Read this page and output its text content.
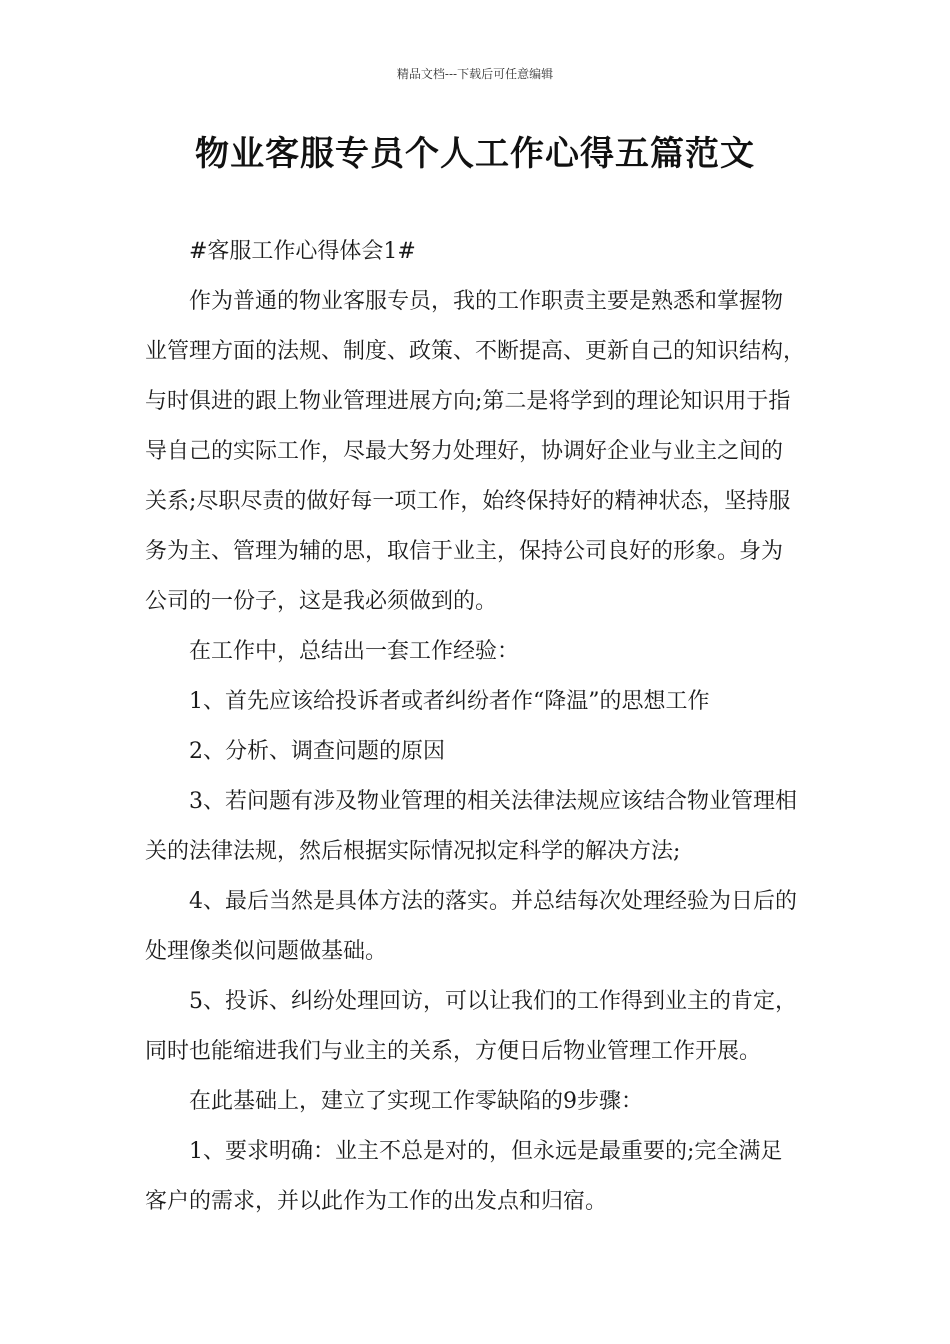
精品文档---下载后可任意编辑
物业客服专员个人工作心得五篇范文

#客服工作心得体会1#

作为普通的物业客服专员，我的工作职责主要是熟悉和掌握物
业管理方面的法规、制度、政策、不断提高、更新自己的知识结构，
与时俱进的跟上物业管理进展方向;第二是将学到的理论知识用于指
导自己的实际工作，尽最大努力处理好，协调好企业与业主之间的
关系;尽职尽责的做好每一项工作，始终保持好的精神状态，坚持服
务为主、管理为辅的思，取信于业主，保持公司良好的形象。身为
公司的一份子，这是我必须做到的。

在工作中，总结出一套工作经验：

1、首先应该给投诉者或者纠纷者作“降温”的思想工作

2、分析、调查问题的原因

3、若问题有涉及物业管理的相关法律法规应该结合物业管理相
关的法律法规，然后根据实际情况拟定科学的解决方法;

4、最后当然是具体方法的落实。并总结每次处理经验为日后的
处理像类似问题做基础。

5、投诉、纠纷处理回访，可以让我们的工作得到业主的肯定，
同时也能缩进我们与业主的关系，方便日后物业管理工作开展。

在此基础上，建立了实现工作零缺陷的9步骤：

1、要求明确：业主不总是对的，但永远是最重要的;完全满足
客户的需求，并以此作为工作的出发点和归宿。
